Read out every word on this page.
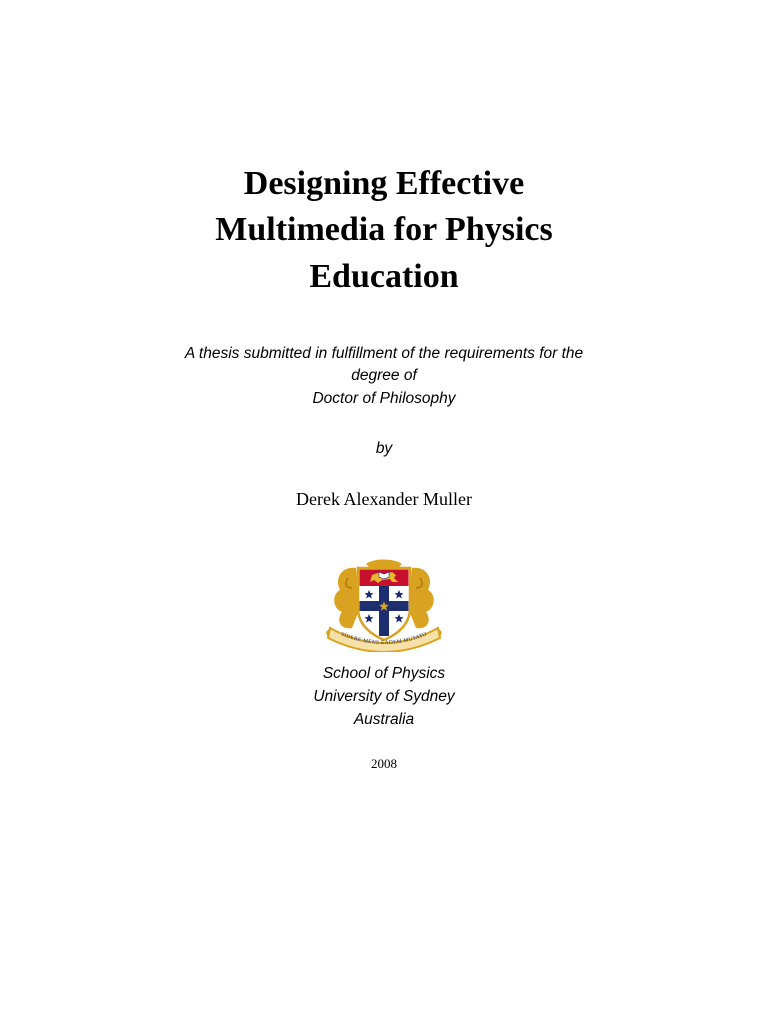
Designing Effective
Multimedia for Physics
Education
A thesis submitted in fulfillment of the requirements for the
degree of
Doctor of Philosophy
by
Derek Alexander Muller
SIDERE MENS EADEM MUTATO
School of Physics
University of Sydney
Australia
2008
